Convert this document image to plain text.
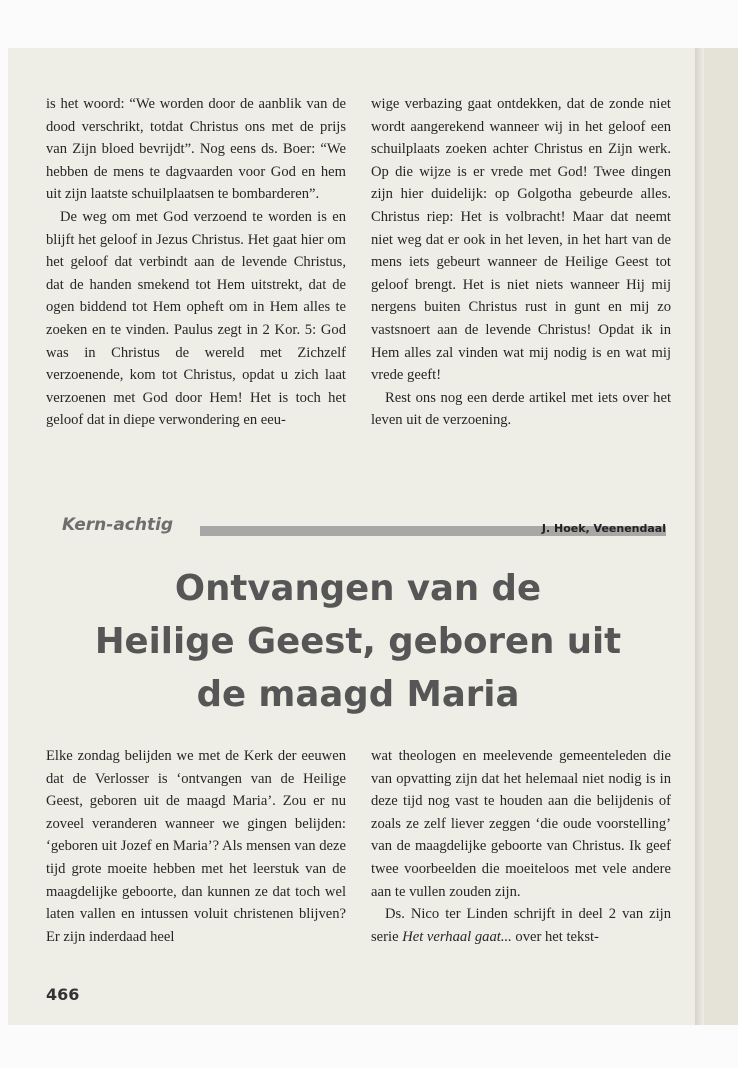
is het woord: “We worden door de aanblik van de dood verschrikt, totdat Christus ons met de prijs van Zijn bloed bevrijdt”. Nog eens ds. Boer: “We hebben de mens te dagvaarden voor God en hem uit zijn laatste schuilplaatsen te bombarderen”.

De weg om met God verzoend te worden is en blijft het geloof in Jezus Christus. Het gaat hier om het geloof dat verbindt aan de levende Christus, dat de handen smekend tot Hem uitstrekt, dat de ogen biddend tot Hem opheft om in Hem alles te zoeken en te vinden. Paulus zegt in 2 Kor. 5: God was in Christus de wereld met Zichzelf verzoenende, kom tot Christus, opdat u zich laat verzoenen met God door Hem! Het is toch het geloof dat in diepe verwondering en eeu-

wige verbazing gaat ontdekken, dat de zonde niet wordt aangerekend wanneer wij in het geloof een schuilplaats zoeken achter Christus en Zijn werk. Op die wijze is er vrede met God! Twee dingen zijn hier duidelijk: op Golgotha gebeurde alles. Christus riep: Het is volbracht! Maar dat neemt niet weg dat er ook in het leven, in het hart van de mens iets gebeurt wanneer de Heilige Geest tot geloof brengt. Het is niet niets wanneer Hij mij nergens buiten Christus rust in gunt en mij zo vastsnoert aan de levende Christus! Opdat ik in Hem alles zal vinden wat mij nodig is en wat mij vrede geeft!

Rest ons nog een derde artikel met iets over het leven uit de verzoening.

Kern-achtig	J. Hoek, Veenendaal
Ontvangen van de
Heilige Geest, geboren uit
de maagd Maria

Elke zondag belijden we met de Kerk der eeuwen dat de Verlosser is ‘ontvangen van de Heilige Geest, geboren uit de maagd Maria’. Zou er nu zoveel veranderen wanneer we gingen belijden: ‘geboren uit Jozef en Maria’? Als mensen van deze tijd grote moeite hebben met het leerstuk van de maagdelijke geboorte, dan kunnen ze dat toch wel laten vallen en intussen voluit christenen blijven? Er zijn inderdaad heel

wat theologen en meelevende gemeenteleden die van opvatting zijn dat het helemaal niet nodig is in deze tijd nog vast te houden aan die belijdenis of zoals ze zelf liever zeggen ‘die oude voorstelling’ van de maagdelijke geboorte van Christus. Ik geef twee voorbeelden die moeiteloos met vele andere aan te vullen zouden zijn.

Ds. Nico ter Linden schrijft in deel 2 van zijn serie Het verhaal gaat... over het tekst-

466
